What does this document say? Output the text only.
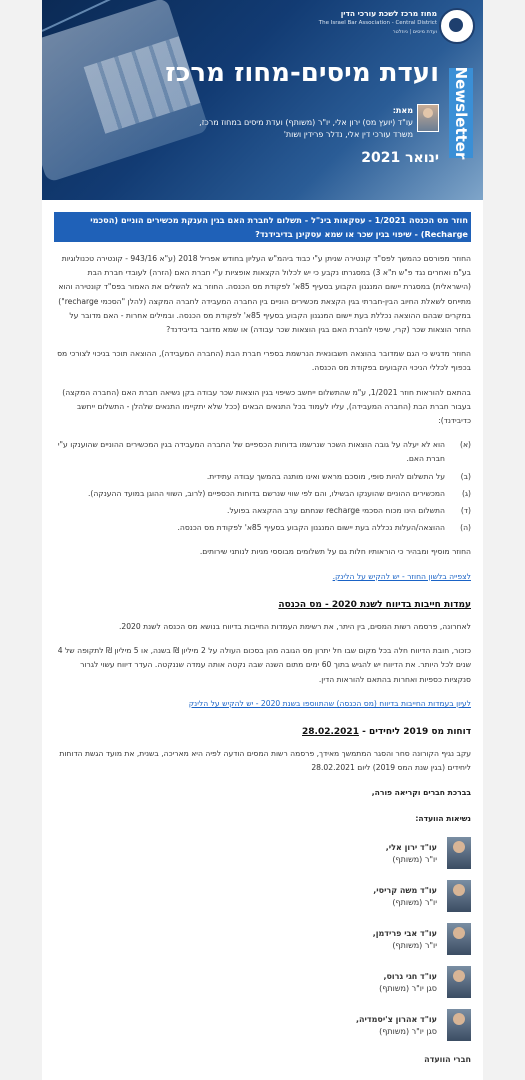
מחוז מרכז לשכת עורכי הדין
The Israel Bar Association - Central District
ועדת מיסים | ניוזלטר
Newsletter
ועדת מיסים-מחוז מרכז
מאת:
עו"ד (יועץ מס) ירון אלי, יו"ר (משותף) ועדת מיסים במחוז מרכז,
משרד עורכי דין אלי, נדלר פרידין ושות'
ינואר 2021
חוזר מס הכנסה 1/2021 - עסקאות בינ"ל - תשלום לחברת האם בגין הענקת מכשירים הוניים (הסכמי Recharge) - שיפוי בגין שכר או שמא עסקינן בדיבידנד?

החוזר מפורסם כהמשך לפס"ד קונטירה שניתן ע"י כבוד ביהמ"ש העליון בחודש אפריל 2018 (ע"א 943/16 - קונטירה טכנולוגיות בע"מ ואחרים נגד פ"ש ת"א 3) במסגרתו נקבע כי יש לכלול הקצאות אופציות ע"י חברת האם (הזרה) לעובדי חברת הבת (הישראלית) במסגרת יישום המנגנון הקבוע בסעיף 85א' לפקודת מס הכנסה. החוזר בא להשלים את האמור בפס"ד קונטירה והוא מתייחס לשאלת החיוב הבין-חברתי בגין הקצאת מכשירים הוניים בין החברה המעבידה לחברה המקצה (להלן "הסכמי recharge") במקרים שבהם ההוצאה נכללת בעת יישום המנגנון הקבוע בסעיף 85א' לפקודת מס הכנסה. ובמילים אחרות - האם מדובר על החזר הוצאות שכר (קרי, שיפוי לחברת האם בגין הוצאות שכר עבודה) או שמא מדובר בדיבידנד?

החוזר מדגיש כי הגם שמדובר בהוצאה חשבונאית הנרשמת בספרי חברת הבת (החברה המעבידה), ההוצאה תוכר בניכוי לצורכי מס בכפוף לכללי הניכוי הקבועים בפקודת מס הכנסה.

בהתאם להוראות חוזר 1/2021, ע"מ שהתשלום ייחשב כשיפוי בגין הוצאות שכר עבודה בקן נשיאה חברת האם (החברה המקצה) בעבור חברת הבת (החברה המעבידה), עליו לעמוד בכל התנאים הבאים (ככל שלא יתקיימו התנאים שלהלן - התשלום ייחשב כדיבידנד):

(א)
הוא לא יעלה על גובה הוצאות השכר שנרשמו בדוחות הכספיים של החברה המעבידה בגין המכשירים ההוניים שהוענקו ע"י חברת האם.
(ב)
על התשלום להיות סופי, מוסכם מראש ואינו מותנה בהמשך עבודה עתידית.
(ג)
המכשירים ההוניים שהוענקו הבשילו, והם לפי שווי שנרשם בדוחות הכספיים (לרוב, השווי ההוגן במועד ההענקה).
(ד)
התשלום הינו מכוח הסכמי recharge שנחתם ערב ההקצאה בפועל.
(ה)
ההוצאה/העלות נכללה בעת יישום המנגנון הקבוע בסעיף 85א' לפקודת מס הכנסה.

החוזר מוסיף ומבהיר כי הוראותיו חלות גם על תשלומים מבוססי מניות לנותני שירותים.

לצפייה בלשון החוזר - יש להקיש על הלינק.

עמדות חייבות בדיווח לשנת 2020 - מס הכנסה

לאחרונה, פרסמה רשות המסים, בין היתר, את רשימת העמדות החייבות בדיווח בנושא מס הכנסה לשנת 2020.

כזכור, חובת הדיווח חלה בכל מקום שבו חל יתרון מס הגובה מהן בסכום העולה על 2 מיליון ₪ בשנה, או 5 מיליון ₪ לתקופה של 4 שנים לכל היותר. את הדיווח יש להגיש בתוך 60 ימים מתום השנה שבה נקטה אותה עמדה שננקטה. העדר דיווח עשוי לגרור סנקציות כספיות ואחרות בהתאם להוראות הדין.

לעיון בעמדות החייבות בדיווח (מס הכנסה) שהתווספו בשנת 2020 - יש להקיש על הלינק

דוחות מס 2019 ליחידים - 28.02.2021

עקב נגיף הקורונה סחר והסגר המתמשך מאידך, פרסמה רשות המסים הודעה לפיה היא מאריכה, בשנית, את מועד הגשת הדוחות ליחידים (בגין שנת המס 2019) ליום 28.02.2021

בברכת חברים וקריאה פורה,
נשיאות הוועדה:
עו"ד ירון אלי,
יו"ר (משותף)
עו"ד משה קריסי,
יו"ר (משותף)
עו"ד אבי פרידמן,
יו"ר (משותף)
עו"ד חגי גרוס,
סגן יו"ר (משותף)
עו"ד אהרון צ'יסמדיה,
סגן יו"ר (משותף)
חברי הוועדה
